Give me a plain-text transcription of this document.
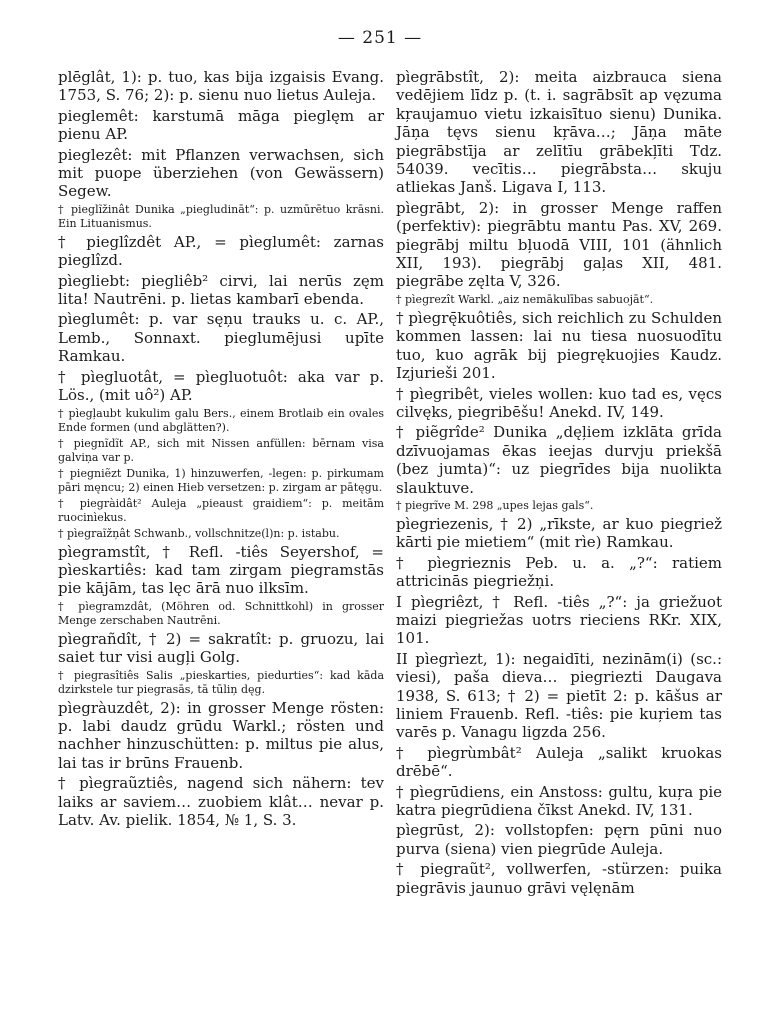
— 251 —

plēglât, 1): p. tuo, kas bija izgaisis Evang. 1753, S. 76; 2): p. sienu nuo lietus Auleja.

pieglemêt: karstumā māga pieglęm ar pienu AP.

pieglezêt: mit Pflanzen verwachsen, sich mit puope überziehen (von Gewässern) Segew.

† pieglĩžinât Dunika „piegludināt“: p. uzmūrētuo krāsni. Ein Lituanismus.

† pieglîzdêt AP., = pìeglumêt: zarnas pieglîzd.

pìegliebt: piegliêb² cirvi, lai nerūs zęm lita! Nautrēni. p. lietas kambarī ebenda.

pìeglumêt: p. var sęņu trauks u. c. AP., Lemb., Sonnaxt. pieglumējusi upīte Ramkau.

† pìegluotât, = pìegluotuôt: aka var p. Lös., (mit uô²) AP.

† pìegļaubt kukulim galu Bers., einem Brotlaib ein ovales Ende formen (und abglätten?).

† piegnĩdĩt AP., sich mit Nissen anfüllen: bērnam visa galviņa var p.

† piegniẽzt Dunika, 1) hinzuwerfen, -legen: p. pirkumam pāri męncu; 2) einen Hieb versetzen: p. zirgam ar pātęgu.

† piegràidât² Auleja „pieaust graidiem“: p. meitām ruocinìekus.

† pìegraĩžņât Schwanb., vollschnitze(l)n: p. istabu.

pìegramstît, † Refl. -tiês Seyershof, = pìeskartiês: kad tam zirgam piegramstās pie kājām, tas lęc ārā nuo ilksīm.

† pìegramzdât, (Möhren od. Schnittkohl) in grosser Menge zerschaben Nautrēni.

pìegrañdît, † 2) = sakratît: p. gruozu, lai saiet tur visi augļi Golg.

† piegrasîtiês Salis „pieskarties, piedurties“: kad kāda dzirkstele tur piegrasās, tā tūliņ dęg.

pìegràuzdêt, 2): in grosser Menge rösten: p. labi daudz grūdu Warkl.; rösten und nachher hinzuschütten: p. miltus pie alus, lai tas ir brūns Frauenb.

† pìegraũztiês, nagend sich nähern: tev laiks ar saviem… zuobiem klât… nevar p. Latv. Av. pielik. 1854, № 1, S. 3.

pìegrābstît, 2): meita aizbrauca siena vedējiem līdz p. (t. i. sagrābsīt ap vęzuma kŗaujamuo vietu izkaisītuo sienu) Dunika. Jāņa tęvs sienu kŗāva…; Jāņa māte piegrābstīja ar zelītīu grābekļīti Tdz. 54039. vecītis… piegrābsta… skuju atliekas Janš. Ligava I, 113.

pìegrābt, 2): in grosser Menge raffen (perfektiv): piegrābtu mantu Pas. XV, 269. piegrābj miltu bļuodā VIII, 101 (ähnlich XII, 193). piegrābj gaļas XII, 481. piegrābe zęlta V, 326.

† pìegrezît Warkl. „aiz nemākulības sabuojāt“.

† pìegrę̄kuôtiês, sich reichlich zu Schulden kommen lassen: lai nu tiesa nuosuodītu tuo, kuo agrāk bij piegrękuojies Kaudz. Izjurieši 201.

† pìegribêt, vieles wollen: kuo tad es, vęcs cilvęks, piegribēšu! Anekd. IV, 149.

† piẽgrîde² Dunika „dęļiem izklāta grīda dzīvuojamas ēkas ieejas durvju priekšā (bez jumta)“: uz piegrīdes bija nuolikta slauktuve.

† piegrĩve M. 298 „upes lejas gals“.

pìegriezenis, † 2) „rīkste, ar kuo piegriež kārti pie mietiem“ (mit rìe) Ramkau.

† pìegrieznis Peb. u. a. „?“: ratiem attricinās piegriežņi.

I pìegriêzt, † Refl. -tiês „?“: ja griežuot maizi piegriežas uotrs rieciens RKr. XIX, 101.

II pìegrìezt, 1): negaidīti, nezinām(i) (sc.: viesi), paša dieva… piegriezti Daugava 1938, S. 613; † 2) = pietīt 2: p. kāšus ar liniem Frauenb. Refl. -tiês: pie kuŗiem tas varēs p. Vanagu ligzda 256.

† pìegrùmbât² Auleja „salikt kruokas drēbē“.

† pìegrūdiens, ein Anstoss: gultu, kuŗa pie katra piegrūdiena čīkst Anekd. IV, 131.

pìegrūst, 2): vollstopfen: pęrn pūni nuo purva (siena) vien piegrūde Auleja.

† piegraũt², vollwerfen, -stürzen: puika piegrāvis jaunuo grāvi vęlęnām
